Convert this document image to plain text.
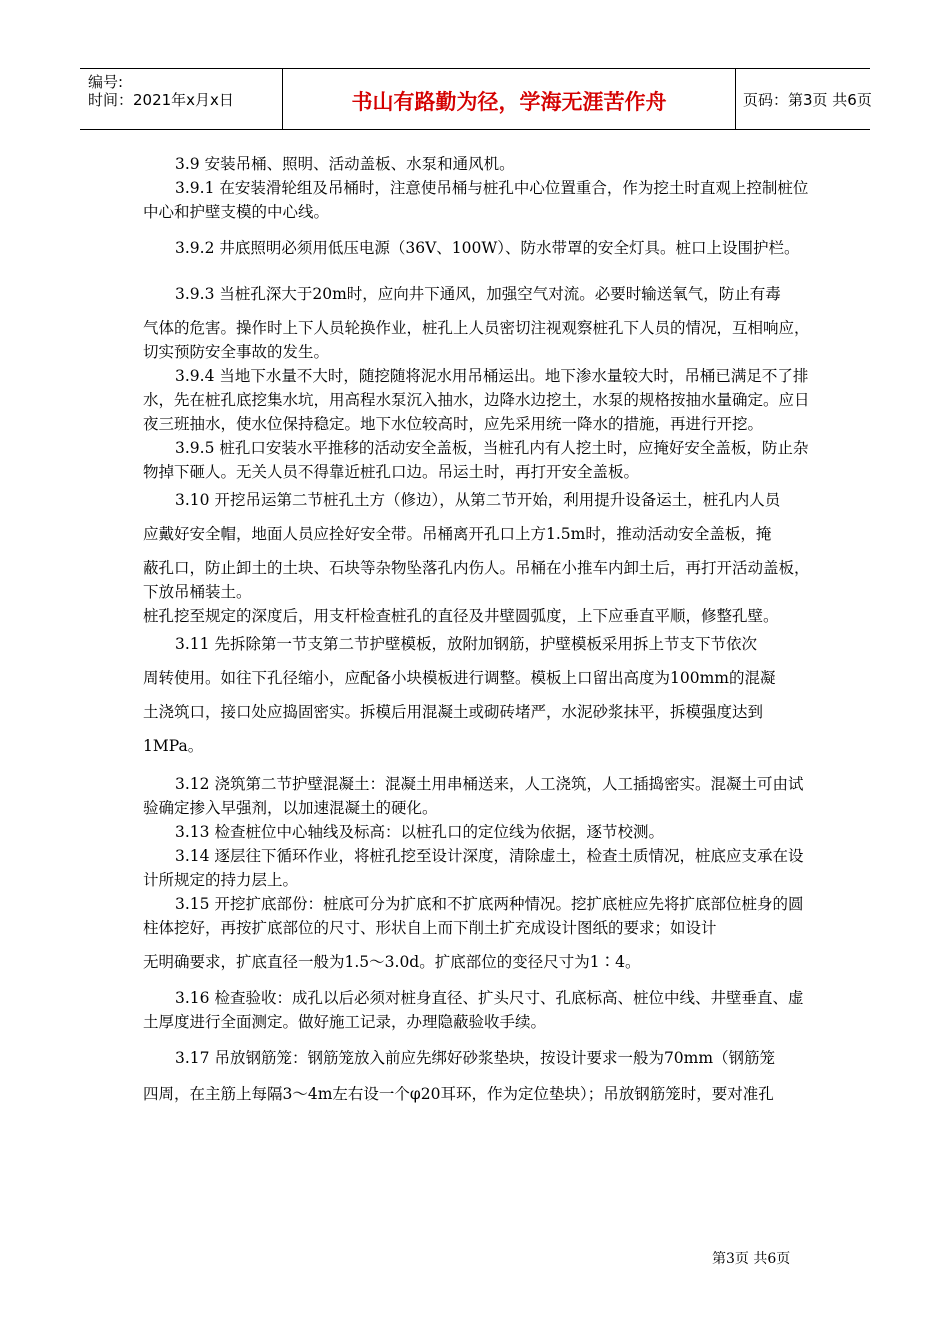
编号:
时间：2021年x月x日	书山有路勤为径，学海无涯苦作舟	页码：第3页 共6页

3.9 安装吊桶、照明、活动盖板、水泵和通风机。

3.9.1 在安装滑轮组及吊桶时，注意使吊桶与桩孔中心位置重合，作为挖土时直观上控制桩位中心和护壁支模的中心线。

3.9.2 井底照明必须用低压电源（36V、100W）、防水带罩的安全灯具。桩口上设围护栏。

3.9.3 当桩孔深大于20m时，应向井下通风，加强空气对流。必要时输送氧气，防止有毒

气体的危害。操作时上下人员轮换作业，桩孔上人员密切注视观察桩孔下人员的情况，互相响应，切实预防安全事故的发生。

3.9.4 当地下水量不大时，随挖随将泥水用吊桶运出。地下渗水量较大时，吊桶已满足不了排水，先在桩孔底挖集水坑，用高程水泵沉入抽水，边降水边挖土，水泵的规格按抽水量确定。应日夜三班抽水，使水位保持稳定。地下水位较高时，应先采用统一降水的措施，再进行开挖。

3.9.5 桩孔口安装水平推移的活动安全盖板，当桩孔内有人挖土时，应掩好安全盖板，防止杂物掉下砸人。无关人员不得靠近桩孔口边。吊运土时，再打开安全盖板。

3.10 开挖吊运第二节桩孔土方（修边），从第二节开始，利用提升设备运土，桩孔内人员

应戴好安全帽，地面人员应拴好安全带。吊桶离开孔口上方1.5m时，推动活动安全盖板，掩

蔽孔口，防止卸土的土块、石块等杂物坠落孔内伤人。吊桶在小推车内卸土后，再打开活动盖板，下放吊桶装土。

桩孔挖至规定的深度后，用支杆检查桩孔的直径及井壁圆弧度，上下应垂直平顺，修整孔壁。

3.11 先拆除第一节支第二节护壁模板，放附加钢筋，护壁模板采用拆上节支下节依次

周转使用。如往下孔径缩小，应配备小块模板进行调整。模板上口留出高度为100mm的混凝

土浇筑口，接口处应捣固密实。拆模后用混凝土或砌砖堵严，水泥砂浆抹平，拆模强度达到

1MPa。

3.12 浇筑第二节护壁混凝土：混凝土用串桶送来，人工浇筑，人工插捣密实。混凝土可由试验确定掺入早强剂，以加速混凝土的硬化。

3.13 检查桩位中心轴线及标高：以桩孔口的定位线为依据，逐节校测。

3.14 逐层往下循环作业，将桩孔挖至设计深度，清除虚土，检查土质情况，桩底应支承在设计所规定的持力层上。

3.15 开挖扩底部份：桩底可分为扩底和不扩底两种情况。挖扩底桩应先将扩底部位桩身的圆柱体挖好，再按扩底部位的尺寸、形状自上而下削土扩充成设计图纸的要求；如设计

无明确要求，扩底直径一般为1.5～3.0d。扩底部位的变径尺寸为1∶4。

3.16 检查验收：成孔以后必须对桩身直径、扩头尺寸、孔底标高、桩位中线、井壁垂直、虚土厚度进行全面测定。做好施工记录，办理隐蔽验收手续。

3.17 吊放钢筋笼：钢筋笼放入前应先绑好砂浆垫块，按设计要求一般为70mm（钢筋笼

四周，在主筋上每隔3～4m左右设一个φ20耳环，作为定位垫块）；吊放钢筋笼时，要对准孔

第3页 共6页
